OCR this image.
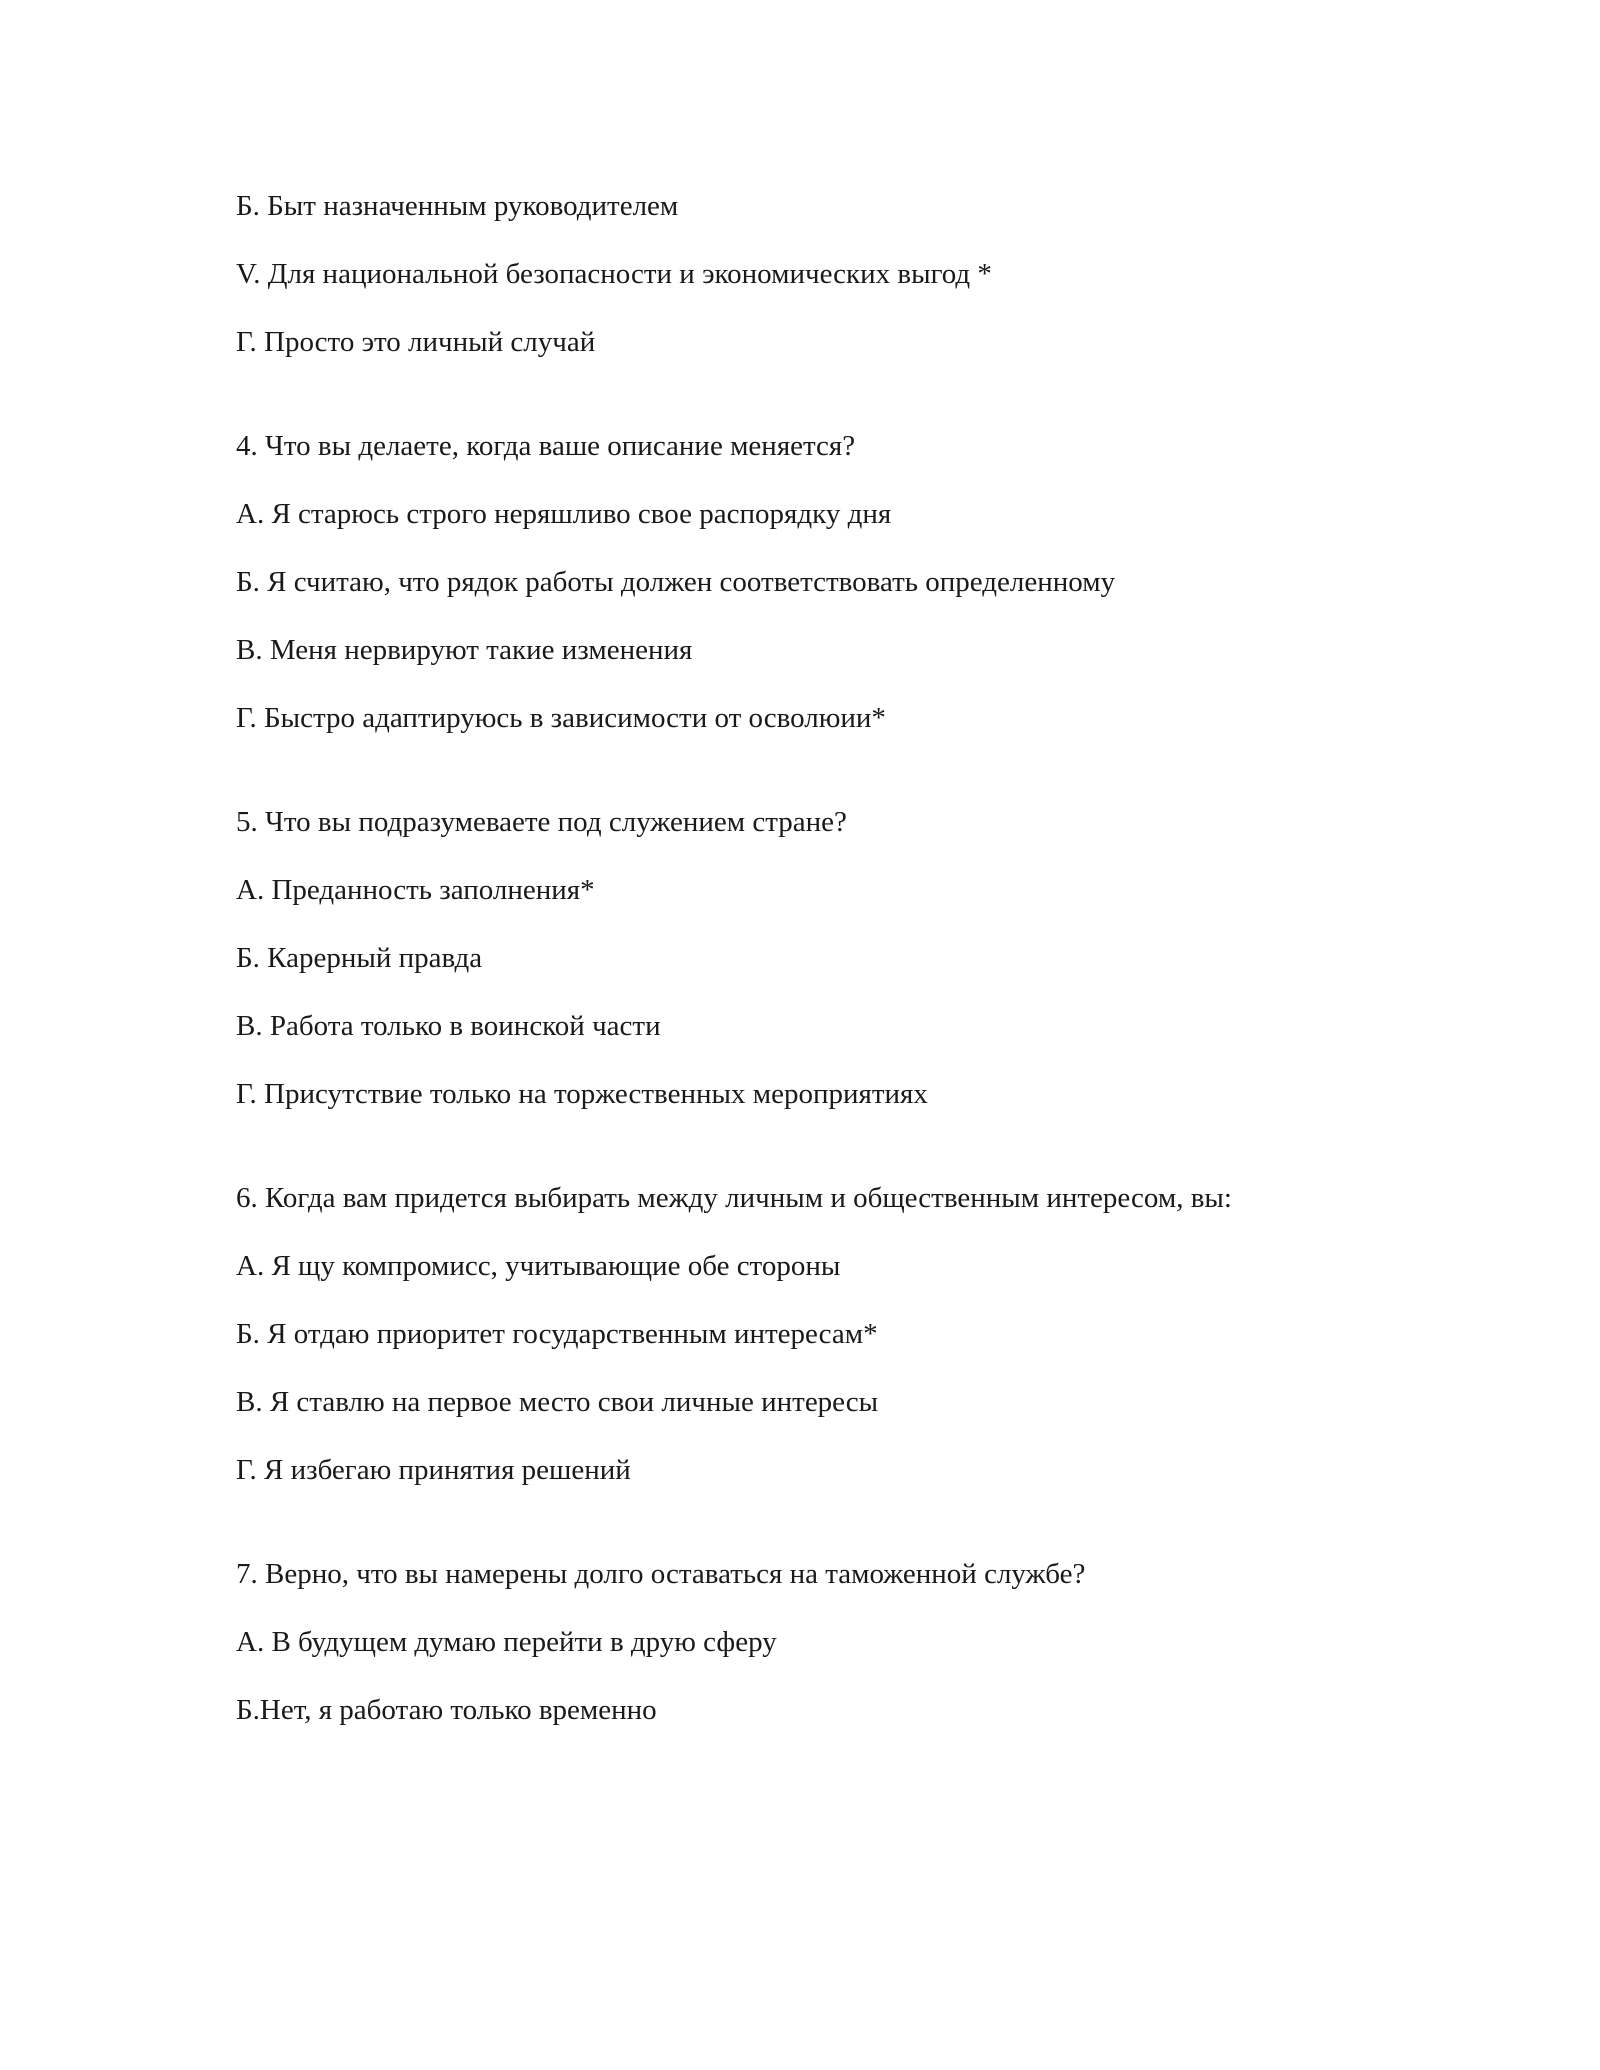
Б. Быт назначенным руководителем
V. Для национальной безопасности и экономических выгод *
Г. Просто это личный случай
4. Что вы делаете, когда ваше описание меняется?
А. Я старюсь строго неряшливо свое распорядку дня
Б. Я считаю, что рядок работы должен соответствовать определенному
В. Меня нервируют такие изменения
Г. Быстро адаптируюсь в зависимости от осволюии*
5. Что вы подразумеваете под служением стране?
А. Преданность заполнения*
Б. Карерный правда
В. Работа только в воинской части
Г. Присутствие только на торжественных мероприятиях
6. Когда вам придется выбирать между личным и общественным интересом, вы:
А. Я щу компромисс, учитывающие обе стороны
Б. Я отдаю приоритет государственным интересам*
В. Я ставлю на первое место свои личные интересы
Г. Я избегаю принятия решений
7. Верно, что вы намерены долго оставаться на таможенной службе?
А. В будущем думаю перейти в друю сферу
Б.Нет, я работаю только временно
